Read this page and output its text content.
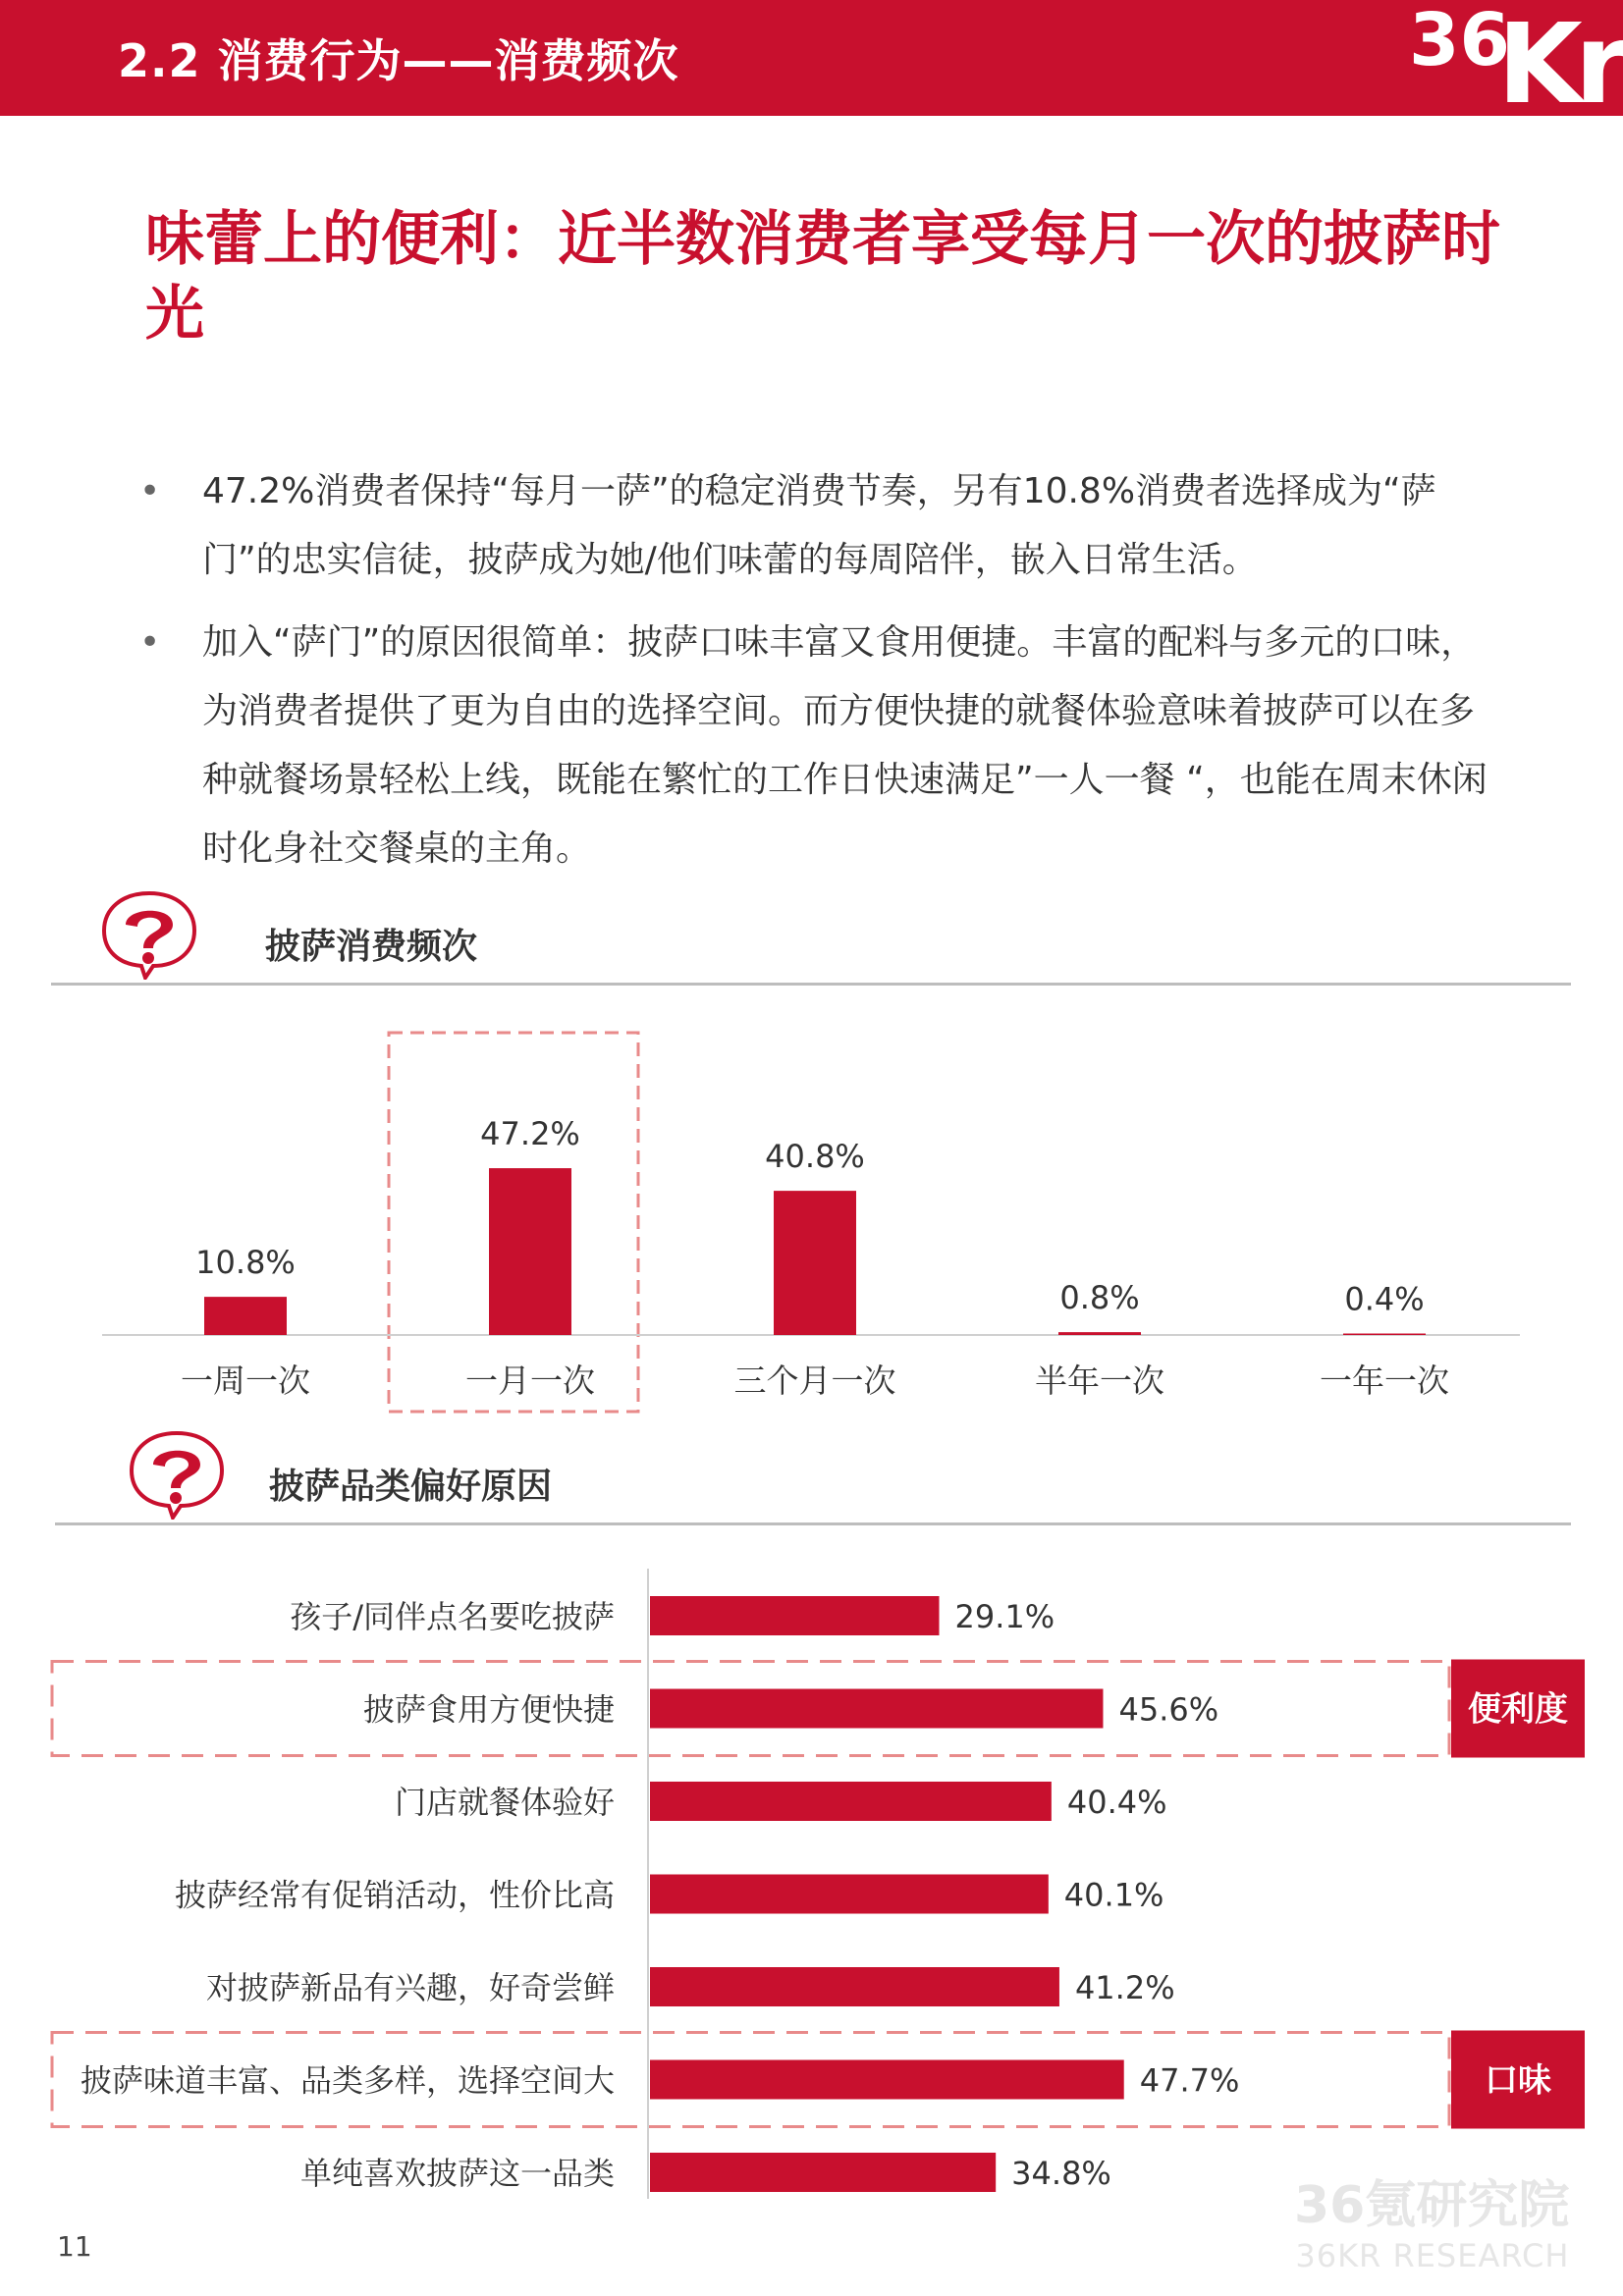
2.2 消费行为——消费频次	36
Kr
味蕾上的便利：近半数消费者享受每月一次的披萨时光
• 47.2%消费者保持“每月一萨”的稳定消费节奏，另有10.8%消费者选择成为“萨门”的忠实信徒，披萨成为她/他们味蕾的每周陪伴，嵌入日常生活。
• 加入“萨门”的原因很简单：披萨口味丰富又食用便捷。丰富的配料与多元的口味，为消费者提供了更为自由的选择空间。而方便快捷的就餐体验意味着披萨可以在多种就餐场景轻松上线，既能在繁忙的工作日快速满足”一人一餐 “，也能在周末休闲时化身社交餐桌的主角。
披萨消费频次
10.8%
一周一次
47.2%
一月一次
40.8%
三个月一次
0.8%
半年一次
0.4%
一年一次
披萨品类偏好原因
孩子/同伴点名要吃披萨	29.1%
便利度
披萨食用方便快捷	45.6%
门店就餐体验好	40.4%
披萨经常有促销活动，性价比高	40.1%
对披萨新品有兴趣，好奇尝鲜	41.2%
口味
披萨味道丰富、品类多样，选择空间大	47.7%
单纯喜欢披萨这一品类	34.8%
11
36氪研究院
36KR RESEARCH
